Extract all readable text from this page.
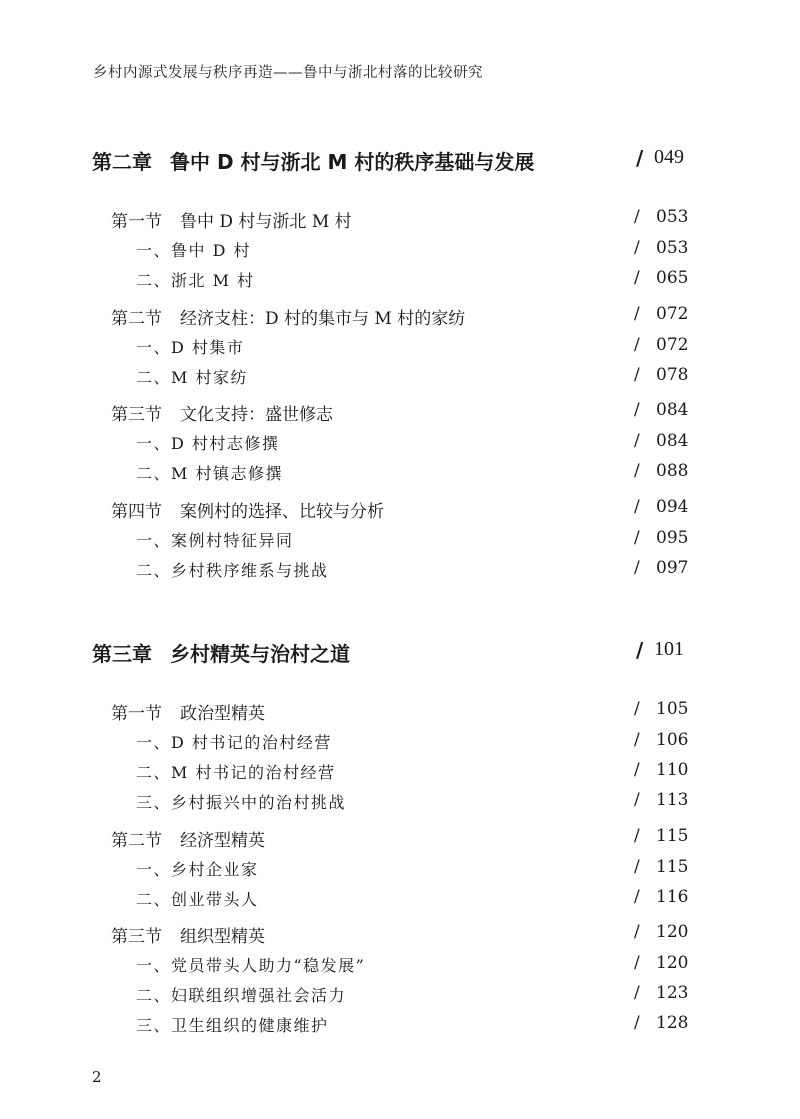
乡村内源式发展与秩序再造——鲁中与浙北村落的比较研究
第二章 鲁中 D 村与浙北 M 村的秩序基础与发展	/ 049
第一节 鲁中 D 村与浙北 M 村	/ 053
一、鲁中 D 村	/ 053
二、浙北 M 村	/ 065
第二节 经济支柱：D 村的集市与 M 村的家纺	/ 072
一、D 村集市	/ 072
二、M 村家纺	/ 078
第三节 文化支持：盛世修志	/ 084
一、D 村村志修撰	/ 084
二、M 村镇志修撰	/ 088
第四节 案例村的选择、比较与分析	/ 094
一、案例村特征异同	/ 095
二、乡村秩序维系与挑战	/ 097
第三章 乡村精英与治村之道	/ 101
第一节 政治型精英	/ 105
一、D 村书记的治村经营	/ 106
二、M 村书记的治村经营	/ 110
三、乡村振兴中的治村挑战	/ 113
第二节 经济型精英	/ 115
一、乡村企业家	/ 115
二、创业带头人	/ 116
第三节 组织型精英	/ 120
一、党员带头人助力“稳发展”	/ 120
二、妇联组织增强社会活力	/ 123
三、卫生组织的健康维护	/ 128
2
